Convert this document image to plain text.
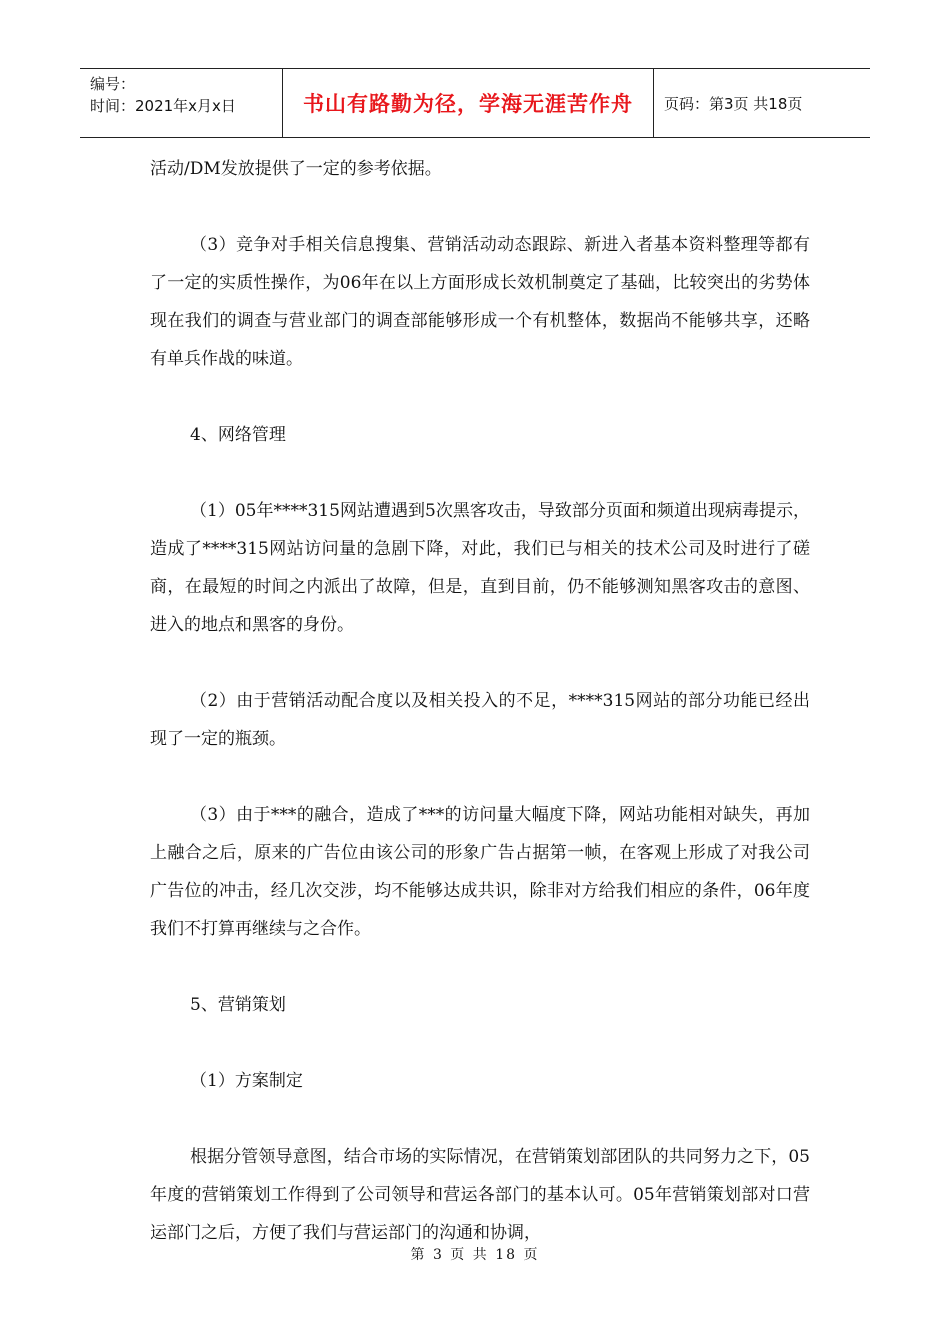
编号：
时间：2021年x月x日	书山有路勤为径，学海无涯苦作舟	页码：第3页 共18页

活动/DM发放提供了一定的参考依据。

（3）竞争对手相关信息搜集、营销活动动态跟踪、新进入者基本资料整理等都有了一定的实质性操作，为06年在以上方面形成长效机制奠定了基础，比较突出的劣势体现在我们的调查与营业部门的调查部能够形成一个有机整体，数据尚不能够共享，还略有单兵作战的味道。

4、网络管理

（1）05年****315网站遭遇到5次黑客攻击，导致部分页面和频道出现病毒提示，造成了****315网站访问量的急剧下降，对此，我们已与相关的技术公司及时进行了磋商，在最短的时间之内派出了故障，但是，直到目前，仍不能够测知黑客攻击的意图、进入的地点和黑客的身份。

（2）由于营销活动配合度以及相关投入的不足，****315网站的部分功能已经出现了一定的瓶颈。

（3）由于***的融合，造成了***的访问量大幅度下降，网站功能相对缺失，再加上融合之后，原来的广告位由该公司的形象广告占据第一帧，在客观上形成了对我公司广告位的冲击，经几次交涉，均不能够达成共识，除非对方给我们相应的条件，06年度我们不打算再继续与之合作。

5、营销策划

（1）方案制定

根据分管领导意图，结合市场的实际情况，在营销策划部团队的共同努力之下，05年度的营销策划工作得到了公司领导和营运各部门的基本认可。05年营销策划部对口营运部门之后，方便了我们与营运部门的沟通和协调，

第 3 页 共 18 页
